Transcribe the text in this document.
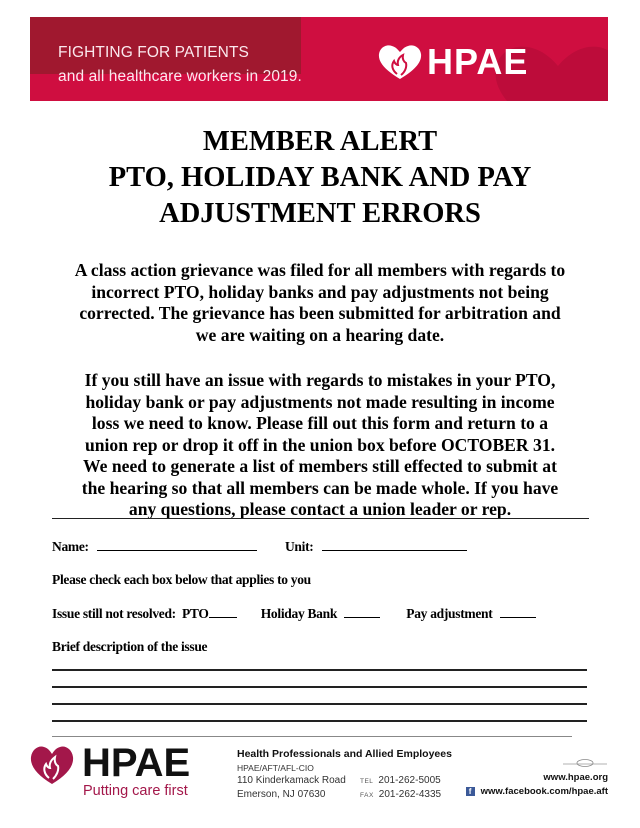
FIGHTING FOR PATIENTS
and all healthcare workers in 2019.	HPAE
MEMBER ALERT
PTO, HOLIDAY BANK AND PAY
ADJUSTMENT ERRORS
A class action grievance was filed for all members with regards to
incorrect PTO, holiday banks and pay adjustments not being
corrected. The grievance has been submitted for arbitration and
we are waiting on a hearing date.
If you still have an issue with regards to mistakes in your PTO,
holiday bank or pay adjustments not made resulting in income
loss we need to know. Please fill out this form and return to a
union rep or drop it off in the union box before OCTOBER 31.
We need to generate a list of members still effected to submit at
the hearing so that all members can be made whole. If you have
any questions, please contact a union leader or rep.
Name:	Unit:
Please check each box below that applies to you
Issue still not resolved: PTO	Holiday Bank	Pay adjustment
Brief description of the issue
HPAE
Putting care first
Health Professionals and Allied Employees
HPAE/AFT/AFL-CIO
110 Kinderkamack Road
Emerson, NJ 07630
TEL 201-262-5005
FAX 201-262-4335
www.hpae.org
f www.facebook.com/hpae.aft
